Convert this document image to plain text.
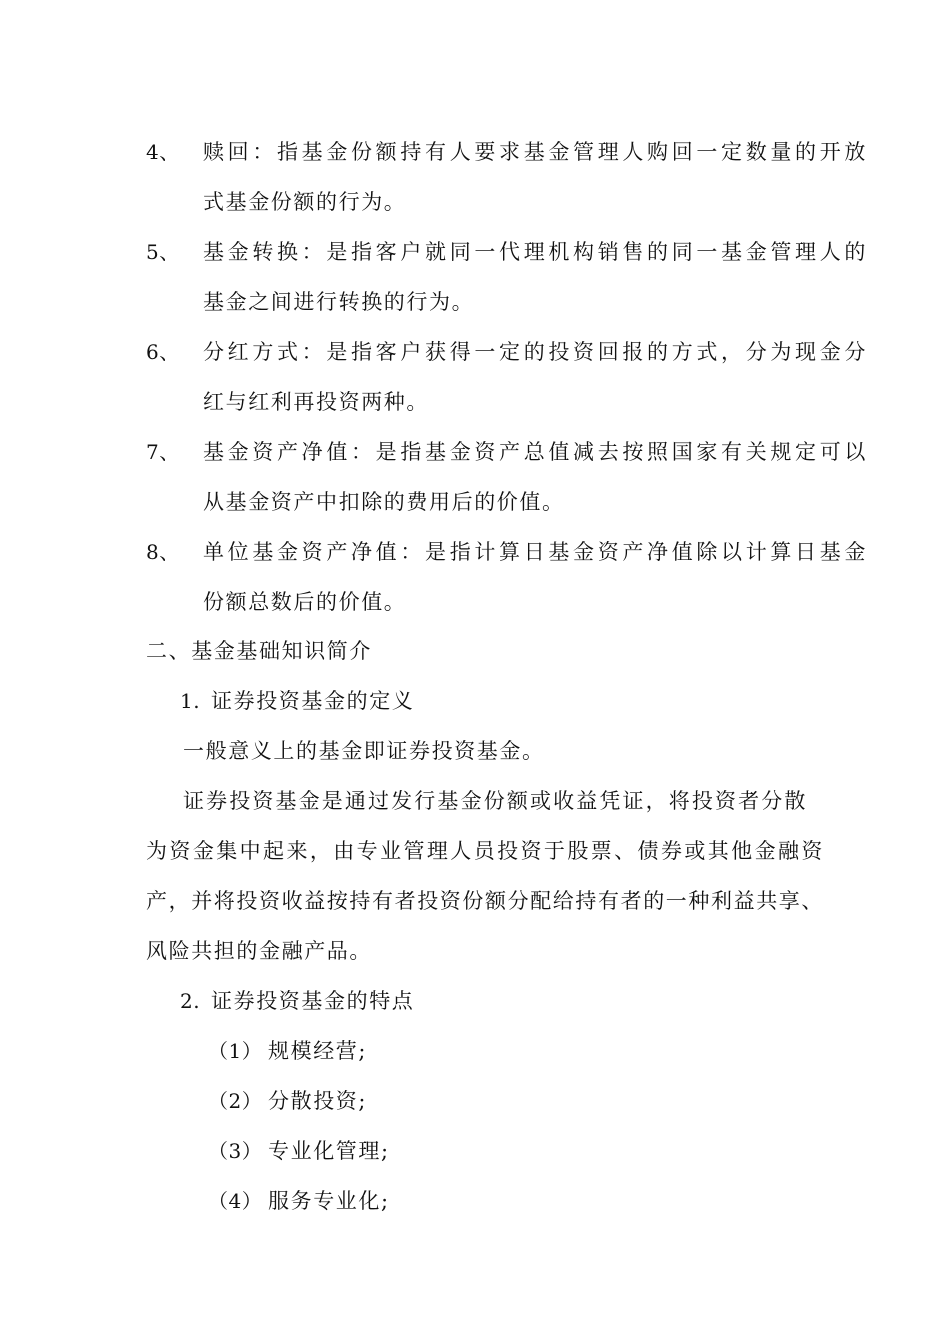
4、 赎回：指基金份额持有人要求基金管理人购回一定数量的开放
式基金份额的行为。
5、 基金转换：是指客户就同一代理机构销售的同一基金管理人的
基金之间进行转换的行为。
6、 分红方式：是指客户获得一定的投资回报的方式，分为现金分
红与红利再投资两种。
7、 基金资产净值：是指基金资产总值减去按照国家有关规定可以
从基金资产中扣除的费用后的价值。
8、 单位基金资产净值：是指计算日基金资产净值除以计算日基金
份额总数后的价值。
二、基金基础知识简介
1. 证券投资基金的定义
一般意义上的基金即证券投资基金。
证券投资基金是通过发行基金份额或收益凭证，将投资者分散
为资金集中起来，由专业管理人员投资于股票、债券或其他金融资
产，并将投资收益按持有者投资份额分配给持有者的一种利益共享、
风险共担的金融产品。
2. 证券投资基金的特点
（1） 规模经营;
（2） 分散投资;
（3） 专业化管理;
（4） 服务专业化;
